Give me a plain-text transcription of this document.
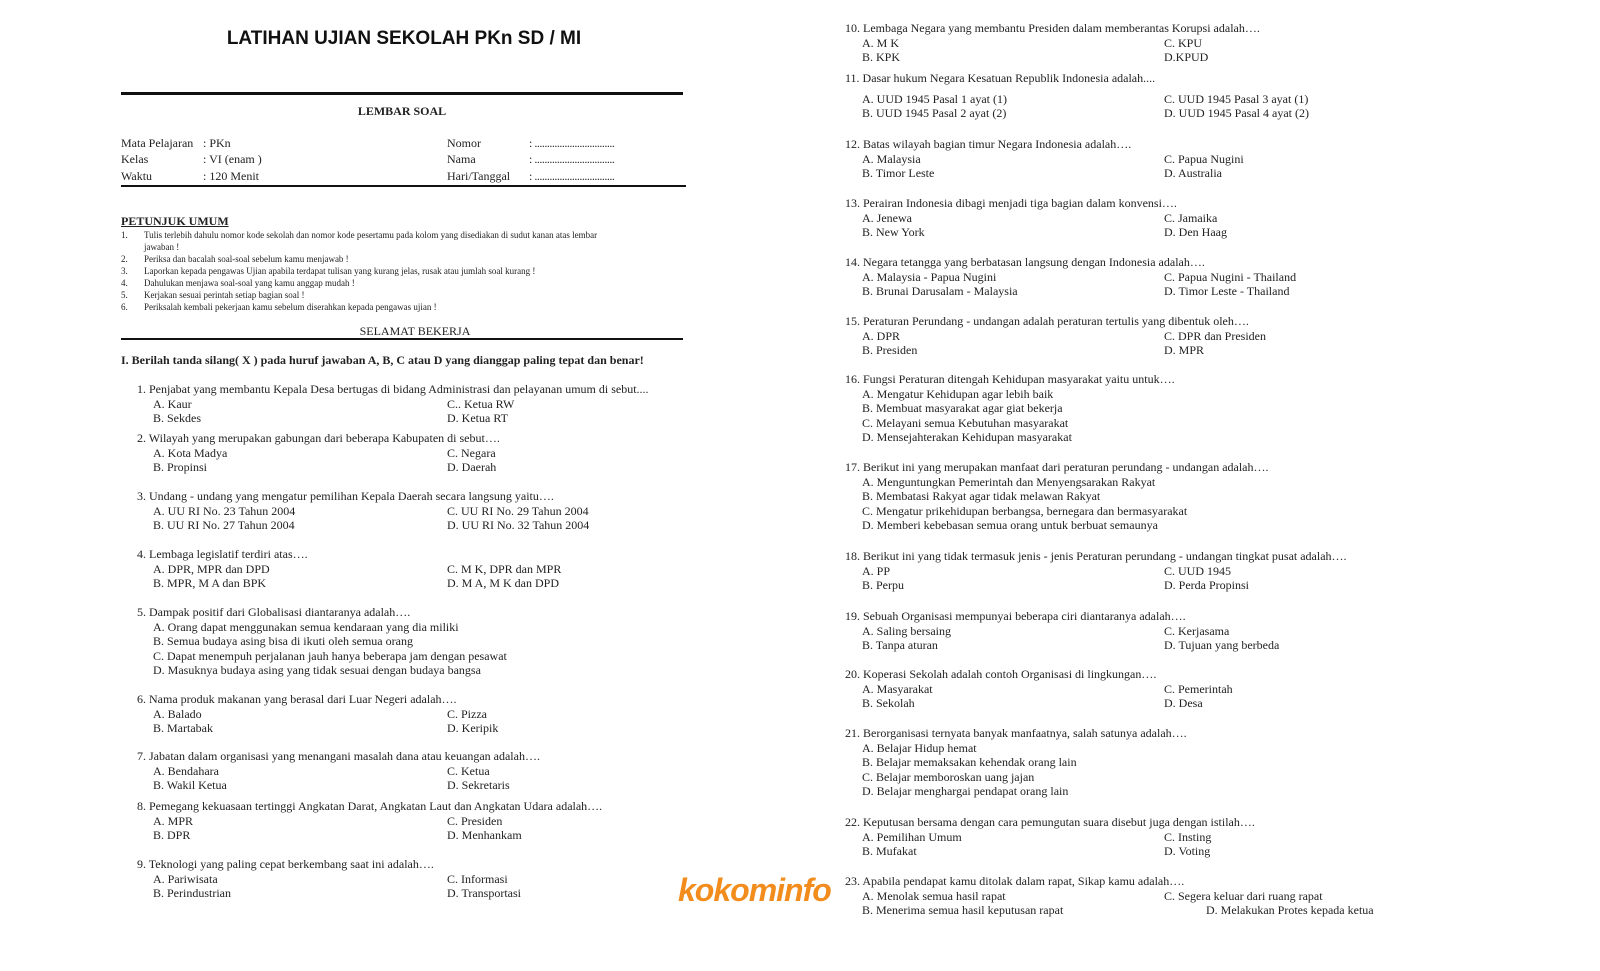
LATIHAN UJIAN SEKOLAH PKn SD / MI
LEMBAR SOAL
Mata Pelajaran : PKn
Kelas	: VI (enam )
Waktu	: 120 Menit
Nomor	: ................................
Nama	: ................................
Hari/Tanggal : ................................
PETUNJUK UMUM
1. Tulis terlebih dahulu nomor kode sekolah dan nomor kode pesertamu pada kolom yang disediakan di sudut kanan atas lembar
jawaban !
2. Periksa dan bacalah soal-soal sebelum kamu menjawab !
3. Laporkan kepada pengawas Ujian apabila terdapat tulisan yang kurang jelas, rusak atau jumlah soal kurang !
4. Dahulukan menjawa soal-soal yang kamu anggap mudah !
5. Kerjakan sesuai perintah setiap bagian soal !
6. Periksalah kembali pekerjaan kamu sebelum diserahkan kepada pengawas ujian !
SELAMAT BEKERJA
I. Berilah tanda silang( X ) pada huruf jawaban A, B, C atau D yang dianggap paling tepat dan benar!
1. Penjabat yang membantu Kepala Desa bertugas di bidang Administrasi dan pelayanan umum di sebut....
A. Kaur	C.. Ketua RW
B. Sekdes	D. Ketua RT
2. Wilayah yang merupakan gabungan dari beberapa Kabupaten di sebut….
A. Kota Madya	C. Negara
B. Propinsi	D. Daerah
3. Undang - undang yang mengatur pemilihan Kepala Daerah secara langsung yaitu….
A. UU RI No. 23 Tahun 2004	C. UU RI No. 29 Tahun 2004
B. UU RI No. 27 Tahun 2004	D. UU RI No. 32 Tahun 2004
4. Lembaga legislatif terdiri atas….
A. DPR, MPR dan DPD	C. M K, DPR dan MPR
B. MPR, M A dan BPK	D. M A, M K dan DPD
5. Dampak positif dari Globalisasi diantaranya adalah….
A. Orang dapat menggunakan semua kendaraan yang dia miliki
B. Semua budaya asing bisa di ikuti oleh semua orang
C. Dapat menempuh perjalanan jauh hanya beberapa jam dengan pesawat
D. Masuknya budaya asing yang tidak sesuai dengan budaya bangsa
6. Nama produk makanan yang berasal dari Luar Negeri adalah….
A. Balado	C. Pizza
B. Martabak	D. Keripik
7. Jabatan dalam organisasi yang menangani masalah dana atau keuangan adalah….
A. Bendahara	C. Ketua
B. Wakil Ketua	D. Sekretaris
8. Pemegang kekuasaan tertinggi Angkatan Darat, Angkatan Laut dan Angkatan Udara adalah….
A. MPR	C. Presiden
B. DPR	D. Menhankam
9. Teknologi yang paling cepat berkembang saat ini adalah….
A. Pariwisata	C. Informasi
B. Perindustrian	D. Transportasi
10. Lembaga Negara yang membantu Presiden dalam memberantas Korupsi adalah….
A. M K	C. KPU
B. KPK	D.KPUD
11. Dasar hukum Negara Kesatuan Republik Indonesia adalah....
A. UUD 1945 Pasal 1 ayat (1)	C. UUD 1945 Pasal 3 ayat (1)
B. UUD 1945 Pasal 2 ayat (2)	D. UUD 1945 Pasal 4 ayat (2)
12. Batas wilayah bagian timur Negara Indonesia adalah….
A. Malaysia	C. Papua Nugini
B. Timor Leste	D. Australia
13. Perairan Indonesia dibagi menjadi tiga bagian dalam konvensi….
A. Jenewa	C. Jamaika
B. New York	D. Den Haag
14. Negara tetangga yang berbatasan langsung dengan Indonesia adalah….
A. Malaysia - Papua Nugini	C. Papua Nugini - Thailand
B. Brunai Darusalam - Malaysia	D. Timor Leste - Thailand
15. Peraturan Perundang - undangan adalah peraturan tertulis yang dibentuk oleh….
A. DPR	C. DPR dan Presiden
B. Presiden	D. MPR
16. Fungsi Peraturan ditengah Kehidupan masyarakat yaitu untuk….
A. Mengatur Kehidupan agar lebih baik
B. Membuat masyarakat agar giat bekerja
C. Melayani semua Kebutuhan masyarakat
D. Mensejahterakan Kehidupan masyarakat
17. Berikut ini yang merupakan manfaat dari peraturan perundang - undangan adalah….
A. Menguntungkan Pemerintah dan Menyengsarakan Rakyat
B. Membatasi Rakyat agar tidak melawan Rakyat
C. Mengatur prikehidupan berbangsa, bernegara dan bermasyarakat
D. Memberi kebebasan semua orang untuk berbuat semaunya
18. Berikut ini yang tidak termasuk jenis - jenis Peraturan perundang - undangan tingkat pusat adalah….
A. PP	C. UUD 1945
B. Perpu	D. Perda Propinsi
19. Sebuah Organisasi mempunyai beberapa ciri diantaranya adalah….
A. Saling bersaing	C. Kerjasama
B. Tanpa aturan	D. Tujuan yang berbeda
20. Koperasi Sekolah adalah contoh Organisasi di lingkungan….
A. Masyarakat	C. Pemerintah
B. Sekolah	D. Desa
21. Berorganisasi ternyata banyak manfaatnya, salah satunya adalah….
A. Belajar Hidup hemat
B. Belajar memaksakan kehendak orang lain
C. Belajar memboroskan uang jajan
D. Belajar menghargai pendapat orang lain
22. Keputusan bersama dengan cara pemungutan suara disebut juga dengan istilah….
A. Pemilihan Umum	C. Insting
B. Mufakat	D. Voting
23. Apabila pendapat kamu ditolak dalam rapat, Sikap kamu adalah….
A. Menolak semua hasil rapat	C. Segera keluar dari ruang rapat
B. Menerima semua hasil keputusan rapat	D. Melakukan Protes kepada ketua
kokominfo
